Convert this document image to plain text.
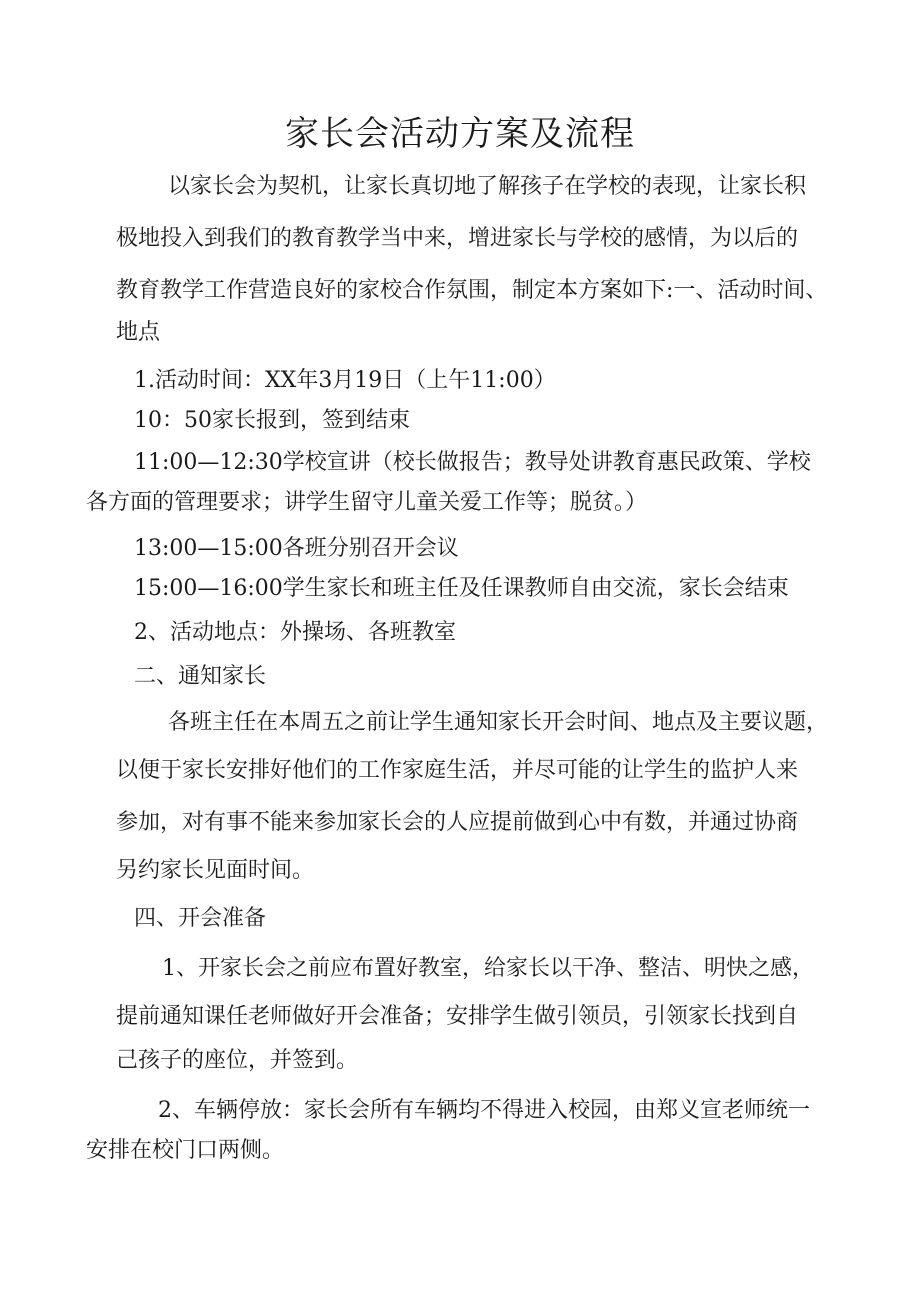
家长会活动方案及流程

以家长会为契机，让家长真切地了解孩子在学校的表现，让家长积

极地投入到我们的教育教学当中来，增进家长与学校的感情，为以后的

教育教学工作营造良好的家校合作氛围，制定本方案如下:一、活动时间、

地点

1.活动时间：XX年3月19日（上午11:00）

10：50家长报到，签到结束

11:00—12:30学校宣讲（校长做报告；教导处讲教育惠民政策、学校

各方面的管理要求；讲学生留守儿童关爱工作等；脱贫。）

13:00—15:00各班分别召开会议

15:00—16:00学生家长和班主任及任课教师自由交流，家长会结束

2、活动地点：外操场、各班教室

二、通知家长

各班主任在本周五之前让学生通知家长开会时间、地点及主要议题，

以便于家长安排好他们的工作家庭生活，并尽可能的让学生的监护人来

参加，对有事不能来参加家长会的人应提前做到心中有数，并通过协商

另约家长见面时间。

四、开会准备

1、开家长会之前应布置好教室，给家长以干净、整洁、明快之感，

提前通知课任老师做好开会准备；安排学生做引领员，引领家长找到自

己孩子的座位，并签到。

2、车辆停放：家长会所有车辆均不得进入校园，由郑义宣老师统一

安排在校门口两侧。
